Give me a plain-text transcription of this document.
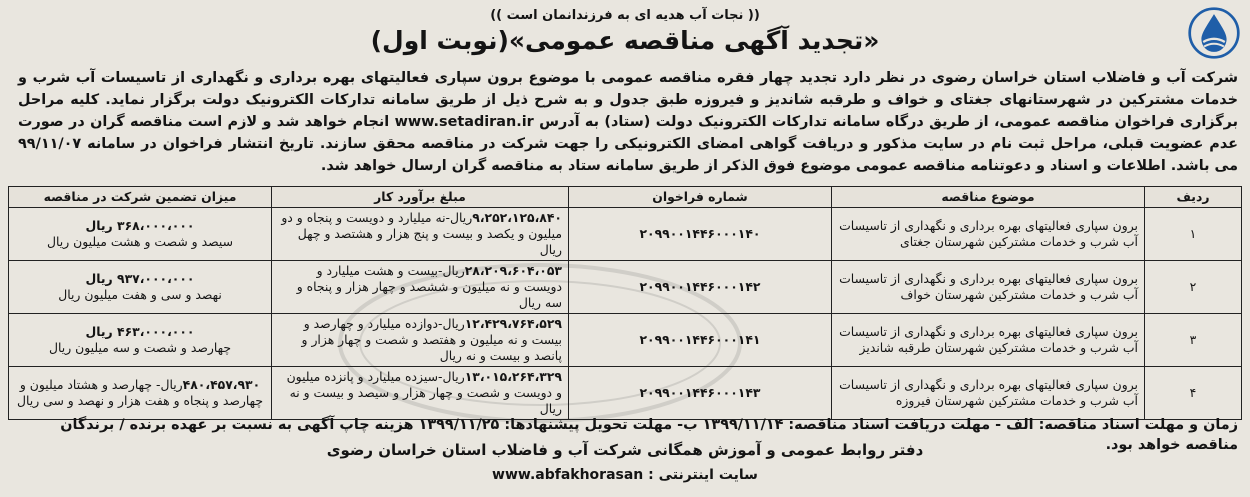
(( نجات آب هدیه ای به فرزندانمان است ))
«تجدید آگهی مناقصه عمومی»(نوبت اول)
شرکت آب و فاضلاب استان خراسان رضوی در نظر دارد تجدید چهار فقره مناقصه عمومی با موضوع برون سپاری فعالیتهای بهره برداری و نگهداری از تاسیسات آب شرب و خدمات مشترکین در شهرستانهای جغتای و خواف و طرقبه شاندیز و فیروزه طبق جدول و به شرح ذیل از طریق سامانه تدارکات الکترونیک دولت برگزار نماید. کلیه مراحل برگزاری فراخوان مناقصه عمومی، از طریق درگاه سامانه تدارکات الکترونیک دولت (ستاد) به آدرس www.setadiran.ir انجام خواهد شد و لازم است مناقصه گران در صورت عدم عضویت قبلی، مراحل ثبت نام در سایت مذکور و دریافت گواهی امضای الکترونیکی را جهت شرکت در مناقصه محقق سازند. تاریخ انتشار فراخوان در سامانه ۹۹/۱۱/۰۷ می باشد. اطلاعات و اسناد و دعوتنامه مناقصه عمومی موضوع فوق الذکر از طریق سامانه ستاد به مناقصه گران ارسال خواهد شد.
ردیف	موضوع مناقصه	شماره فراخوان	مبلغ برآورد کار	میزان تضمین شرکت در مناقصه
۱	برون سپاری فعالیتهای بهره برداری و نگهداری از تاسیسات آب شرب و خدمات مشترکین شهرستان جغتای	۲۰۹۹۰۰۱۴۴۶۰۰۰۱۴۰	۹،۲۵۲،۱۲۵،۸۴۰ریال-نه میلیارد و دویست و پنجاه و دو میلیون و یکصد و بیست و پنج هزار و هشتصد و چهل ریال	۳۶۸،۰۰۰،۰۰۰ ریال
سیصد و شصت و هشت میلیون ریال

۲	برون سپاری فعالیتهای بهره برداری و نگهداری از تاسیسات آب شرب و خدمات مشترکین شهرستان خواف	۲۰۹۹۰۰۱۴۴۶۰۰۰۱۴۲	۲۸،۲۰۹،۶۰۴،۰۵۳ریال-بیست و هشت میلیارد و دویست و نه میلیون و ششصد و چهار هزار و پنجاه و سه ریال	۹۳۷،۰۰۰،۰۰۰ ریال
نهصد و سی و هفت میلیون ریال

۳	برون سپاری فعالیتهای بهره برداری و نگهداری از تاسیسات آب شرب و خدمات مشترکین شهرستان طرقبه شاندیز	۲۰۹۹۰۰۱۴۴۶۰۰۰۱۴۱	۱۲،۴۲۹،۷۶۴،۵۲۹ریال-دوازده میلیارد و چهارصد و بیست و نه میلیون و هفتصد و شصت و چهار هزار و پانصد و بیست و نه ریال	۴۶۳،۰۰۰،۰۰۰ ریال
چهارصد و شصت و سه میلیون ریال

۴	برون سپاری فعالیتهای بهره برداری و نگهداری از تاسیسات آب شرب و خدمات مشترکین شهرستان فیروزه	۲۰۹۹۰۰۱۴۴۶۰۰۰۱۴۳	۱۳،۰۱۵،۲۶۴،۳۲۹ریال-سیزده میلیارد و پانزده میلیون و دویست و شصت و چهار هزار و سیصد و بیست و نه ریال	۴۸۰،۴۵۷،۹۳۰ریال- چهارصد و هشتاد میلیون و چهارصد و پنجاه و هفت هزار و نهصد و سی ریال
زمان و مهلت اسناد مناقصه: الف - مهلت دریافت اسناد مناقصه: ۱۳۹۹/۱۱/۱۴ ب- مهلت تحویل پیشنهادها: ۱۳۹۹/۱۱/۲۵ هزینه چاپ آگهی به نسبت بر عهده برنده / برندگان مناقصه خواهد بود.
دفتر روابط عمومی و آموزش همگانی شرکت آب و فاضلاب استان خراسان رضوی
سایت اینترنتی : www.abfakhorasan
